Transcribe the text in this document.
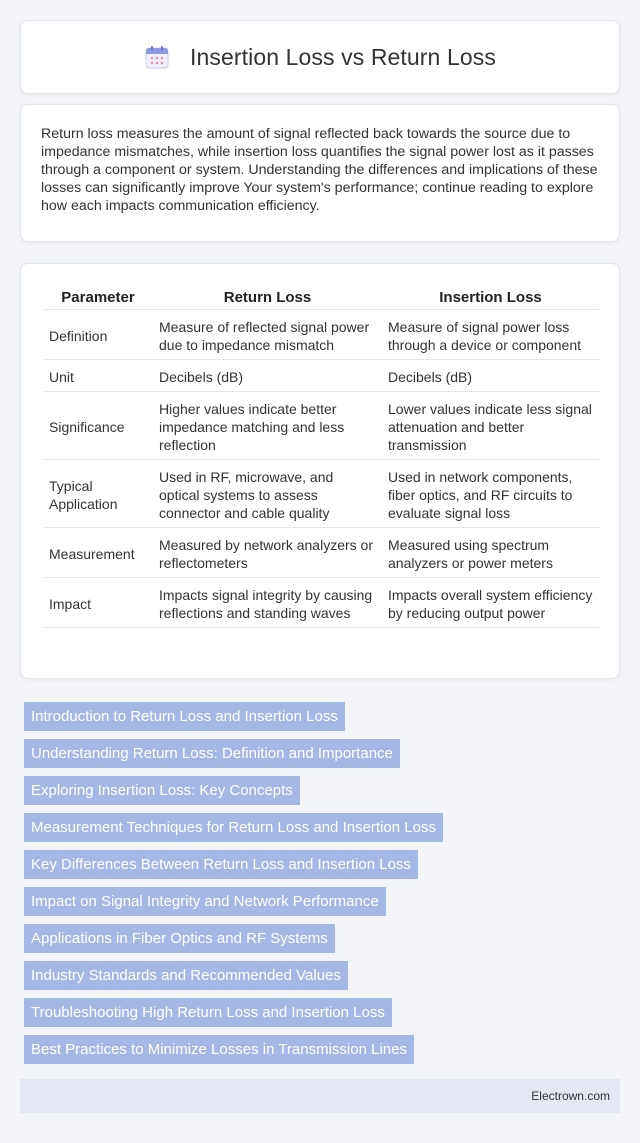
Insertion Loss vs Return Loss

Return loss measures the amount of signal reflected back towards the source due to impedance mismatches, while insertion loss quantifies the signal power lost as it passes through a component or system. Understanding the differences and implications of these losses can significantly improve Your system's performance; continue reading to explore how each impacts communication efficiency.

Parameter	Return Loss	Insertion Loss
Definition	Measure of reflected signal power due to impedance mismatch	Measure of signal power loss through a device or component
Unit	Decibels (dB)	Decibels (dB)
Significance	Higher values indicate better impedance matching and less reflection	Lower values indicate less signal attenuation and better transmission
Typical Application	Used in RF, microwave, and optical systems to assess connector and cable quality	Used in network components, fiber optics, and RF circuits to evaluate signal loss
Measurement	Measured by network analyzers or reflectometers	Measured using spectrum analyzers or power meters
Impact	Impacts signal integrity by causing reflections and standing waves	Impacts overall system efficiency by reducing output power
Introduction to Return Loss and Insertion Loss
Understanding Return Loss: Definition and Importance
Exploring Insertion Loss: Key Concepts
Measurement Techniques for Return Loss and Insertion Loss
Key Differences Between Return Loss and Insertion Loss
Impact on Signal Integrity and Network Performance
Applications in Fiber Optics and RF Systems
Industry Standards and Recommended Values
Troubleshooting High Return Loss and Insertion Loss
Best Practices to Minimize Losses in Transmission Lines
Electrown.com
